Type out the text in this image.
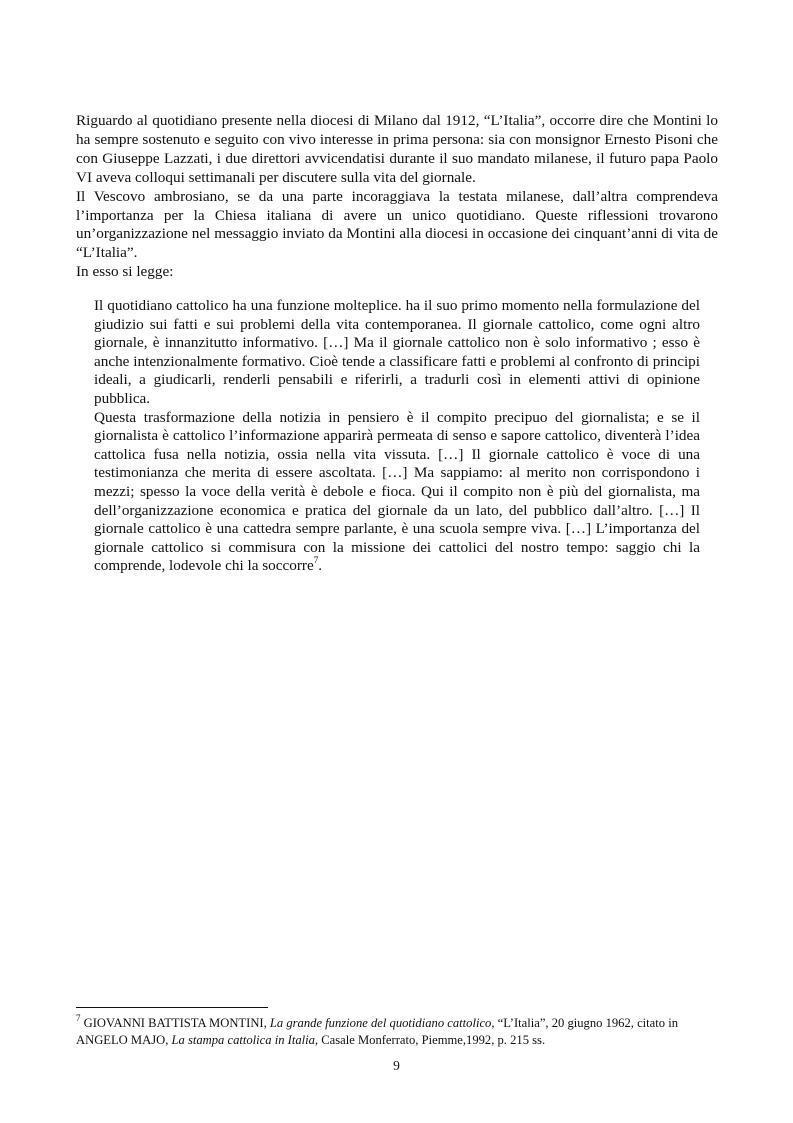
Riguardo al quotidiano presente nella diocesi di Milano dal 1912, “L’Italia”, occorre dire che Montini lo ha sempre sostenuto e seguito con vivo interesse in prima persona: sia con monsignor Ernesto Pisoni che con Giuseppe Lazzati, i due direttori avvicendatisi durante il suo mandato milanese, il futuro papa Paolo VI aveva colloqui settimanali per discutere sulla vita del giornale.

Il Vescovo ambrosiano, se da una parte incoraggiava la testata milanese, dall’altra comprendeva l’importanza per la Chiesa italiana di avere un unico quotidiano. Queste riflessioni trovarono un’organizzazione nel messaggio inviato da Montini alla diocesi in occasione dei cinquant’anni di vita de “L’Italia”.

In esso si legge:

Il quotidiano cattolico ha una funzione molteplice. ha il suo primo momento nella formulazione del giudizio sui fatti e sui problemi della vita contemporanea. Il giornale cattolico, come ogni altro giornale, è innanzitutto informativo. […] Ma il giornale cattolico non è solo informativo ; esso è anche intenzionalmente formativo. Cioè tende a classificare fatti e problemi al confronto di principi ideali, a giudicarli, renderli pensabili e riferirli, a tradurli così in elementi attivi di opinione pubblica.

Questa trasformazione della notizia in pensiero è il compito precipuo del giornalista; e se il giornalista è cattolico l’informazione apparirà permeata di senso e sapore cattolico, diventerà l’idea cattolica fusa nella notizia, ossia nella vita vissuta. […] Il giornale cattolico è voce di una testimonianza che merita di essere ascoltata. […] Ma sappiamo: al merito non corrispondono i mezzi; spesso la voce della verità è debole e fioca. Qui il compito non è più del giornalista, ma dell’organizzazione economica e pratica del giornale da un lato, del pubblico dall’altro. […] Il giornale cattolico è una cattedra sempre parlante, è una scuola sempre viva. […] L’importanza del giornale cattolico si commisura con la missione dei cattolici del nostro tempo: saggio chi la comprende, lodevole chi la soccorre$^7$.

$^7$ GIOVANNI BATTISTA MONTINI, La grande funzione del quotidiano cattolico, “L’Italia”, 20 giugno 1962, citato in ANGELO MAJO, La stampa cattolica in Italia, Casale Monferrato, Piemme,1992, p. 215 ss.

9
